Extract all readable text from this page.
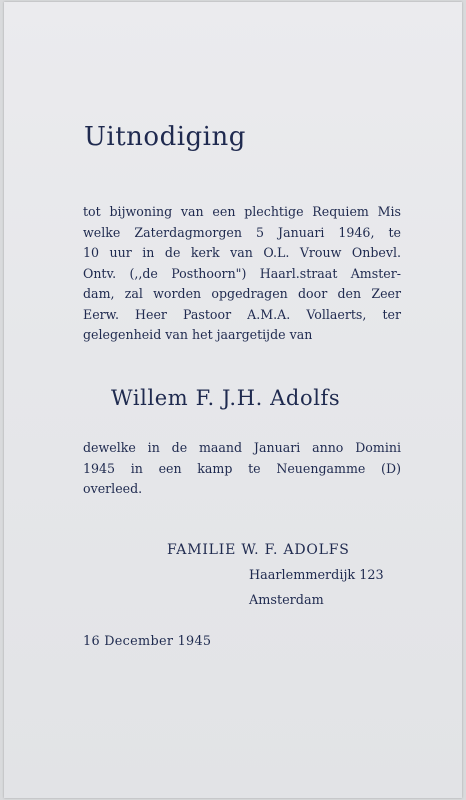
Uitnodiging

tot bijwoning van een plechtige Requiem Mis
welke Zaterdagmorgen 5 Januari 1946, te
10 uur in de kerk van O.L. Vrouw Onbevl.
Ontv. (,,de Posthoorn") Haarl.straat Amster-
dam, zal worden opgedragen door den Zeer
Eerw. Heer Pastoor A.M.A. Vollaerts, ter
gelegenheid van het jaargetijde van

Willem F. J.H. Adolfs

dewelke in de maand Januari anno Domini
1945 in een kamp te Neuengamme (D)
overleed.

FAMILIE W. F. ADOLFS

Haarlemmerdijk 123

Amsterdam

16 December 1945
